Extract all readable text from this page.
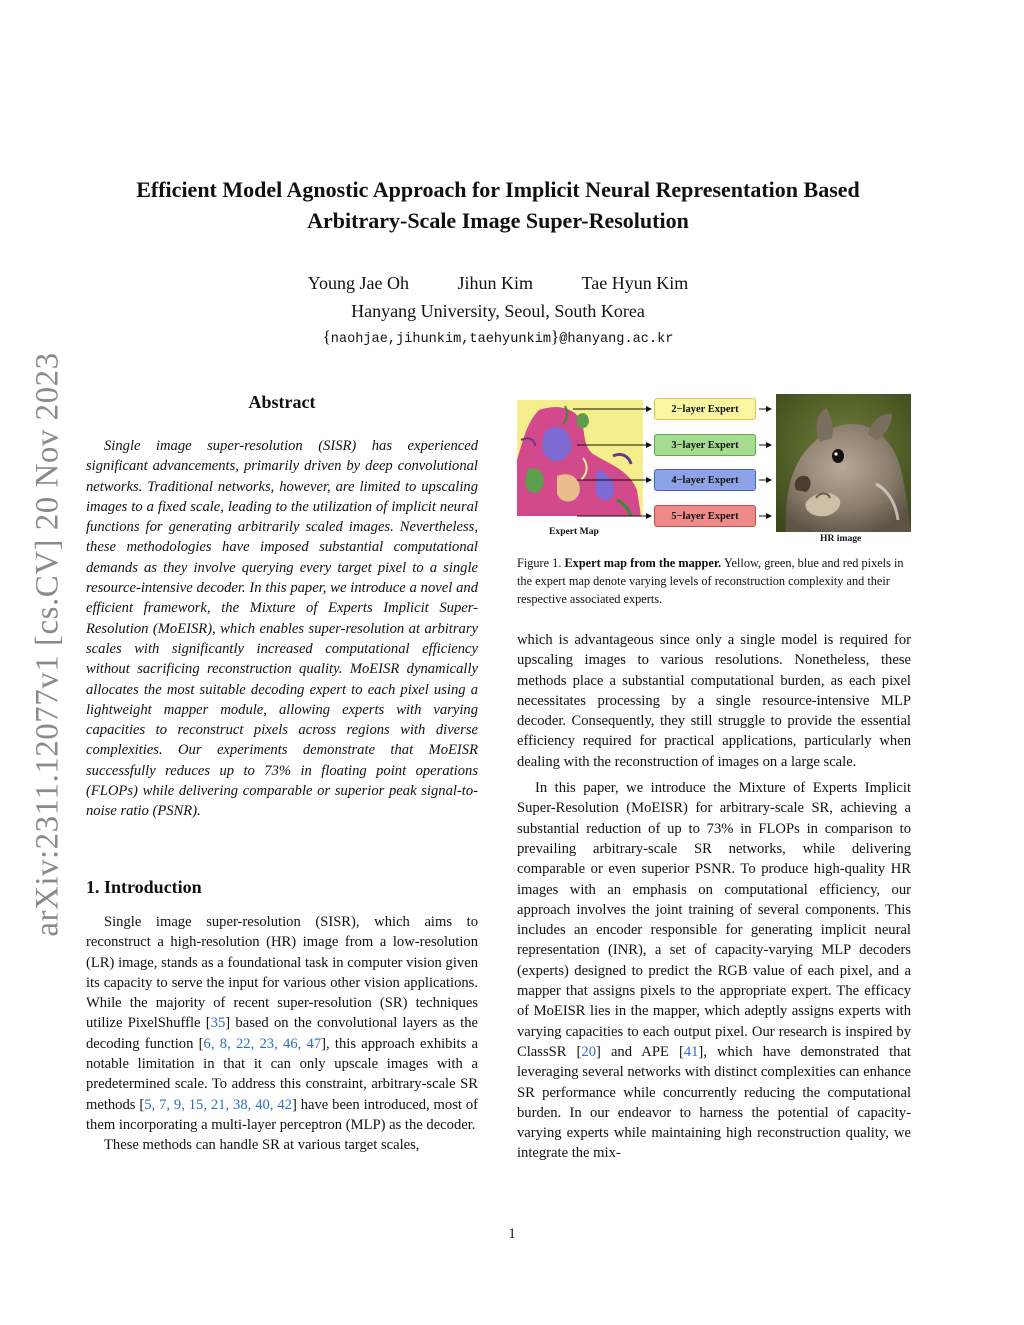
arXiv:2311.12077v1 [cs.CV] 20 Nov 2023
Efficient Model Agnostic Approach for Implicit Neural Representation Based
Arbitrary-Scale Image Super-Resolution
Young Jae Oh	Jihun Kim	Tae Hyun Kim
Hanyang University, Seoul, South Korea
{naohjae,jihunkim,taehyunkim}@hanyang.ac.kr
Abstract

Single image super-resolution (SISR) has experienced significant advancements, primarily driven by deep convolutional networks. Traditional networks, however, are limited to upscaling images to a fixed scale, leading to the utilization of implicit neural functions for generating arbitrarily scaled images. Nevertheless, these methodologies have imposed substantial computational demands as they involve querying every target pixel to a single resource-intensive decoder. In this paper, we introduce a novel and efficient framework, the Mixture of Experts Implicit Super-Resolution (MoEISR), which enables super-resolution at arbitrary scales with significantly increased computational efficiency without sacrificing reconstruction quality. MoEISR dynamically allocates the most suitable decoding expert to each pixel using a lightweight mapper module, allowing experts with varying capacities to reconstruct pixels across regions with diverse complexities. Our experiments demonstrate that MoEISR successfully reduces up to 73% in floating point operations (FLOPs) while delivering comparable or superior peak signal-to-noise ratio (PSNR).

1. Introduction

Single image super-resolution (SISR), which aims to reconstruct a high-resolution (HR) image from a low-resolution (LR) image, stands as a foundational task in computer vision given its capacity to serve the input for various other vision applications. While the majority of recent super-resolution (SR) techniques utilize PixelShuffle [35] based on the convolutional layers as the decoding function [6, 8, 22, 23, 46, 47], this approach exhibits a notable limitation in that it can only upscale images with a predetermined scale. To address this constraint, arbitrary-scale SR methods [5, 7, 9, 15, 21, 38, 40, 42] have been introduced, most of them incorporating a multi-layer perceptron (MLP) as the decoder.

These methods can handle SR at various target scales,

Expert Map
2−layer Expert
3−layer Expert
4−layer Expert
5−layer Expert
HR image

Figure 1. Expert map from the mapper. Yellow, green, blue and red pixels in the expert map denote varying levels of reconstruction complexity and their respective associated experts.

which is advantageous since only a single model is required for upscaling images to various resolutions. Nonetheless, these methods place a substantial computational burden, as each pixel necessitates processing by a single resource-intensive MLP decoder. Consequently, they still struggle to provide the essential efficiency required for practical applications, particularly when dealing with the reconstruction of images on a large scale.

In this paper, we introduce the Mixture of Experts Implicit Super-Resolution (MoEISR) for arbitrary-scale SR, achieving a substantial reduction of up to 73% in FLOPs in comparison to prevailing arbitrary-scale SR networks, while delivering comparable or even superior PSNR. To produce high-quality HR images with an emphasis on computational efficiency, our approach involves the joint training of several components. This includes an encoder responsible for generating implicit neural representation (INR), a set of capacity-varying MLP decoders (experts) designed to predict the RGB value of each pixel, and a mapper that assigns pixels to the appropriate expert. The efficacy of MoEISR lies in the mapper, which adeptly assigns experts with varying capacities to each output pixel. Our research is inspired by ClassSR [20] and APE [41], which have demonstrated that leveraging several networks with distinct complexities can enhance SR performance while concurrently reducing the computational burden. In our endeavor to harness the potential of capacity-varying experts while maintaining high reconstruction quality, we integrate the mix-

1
